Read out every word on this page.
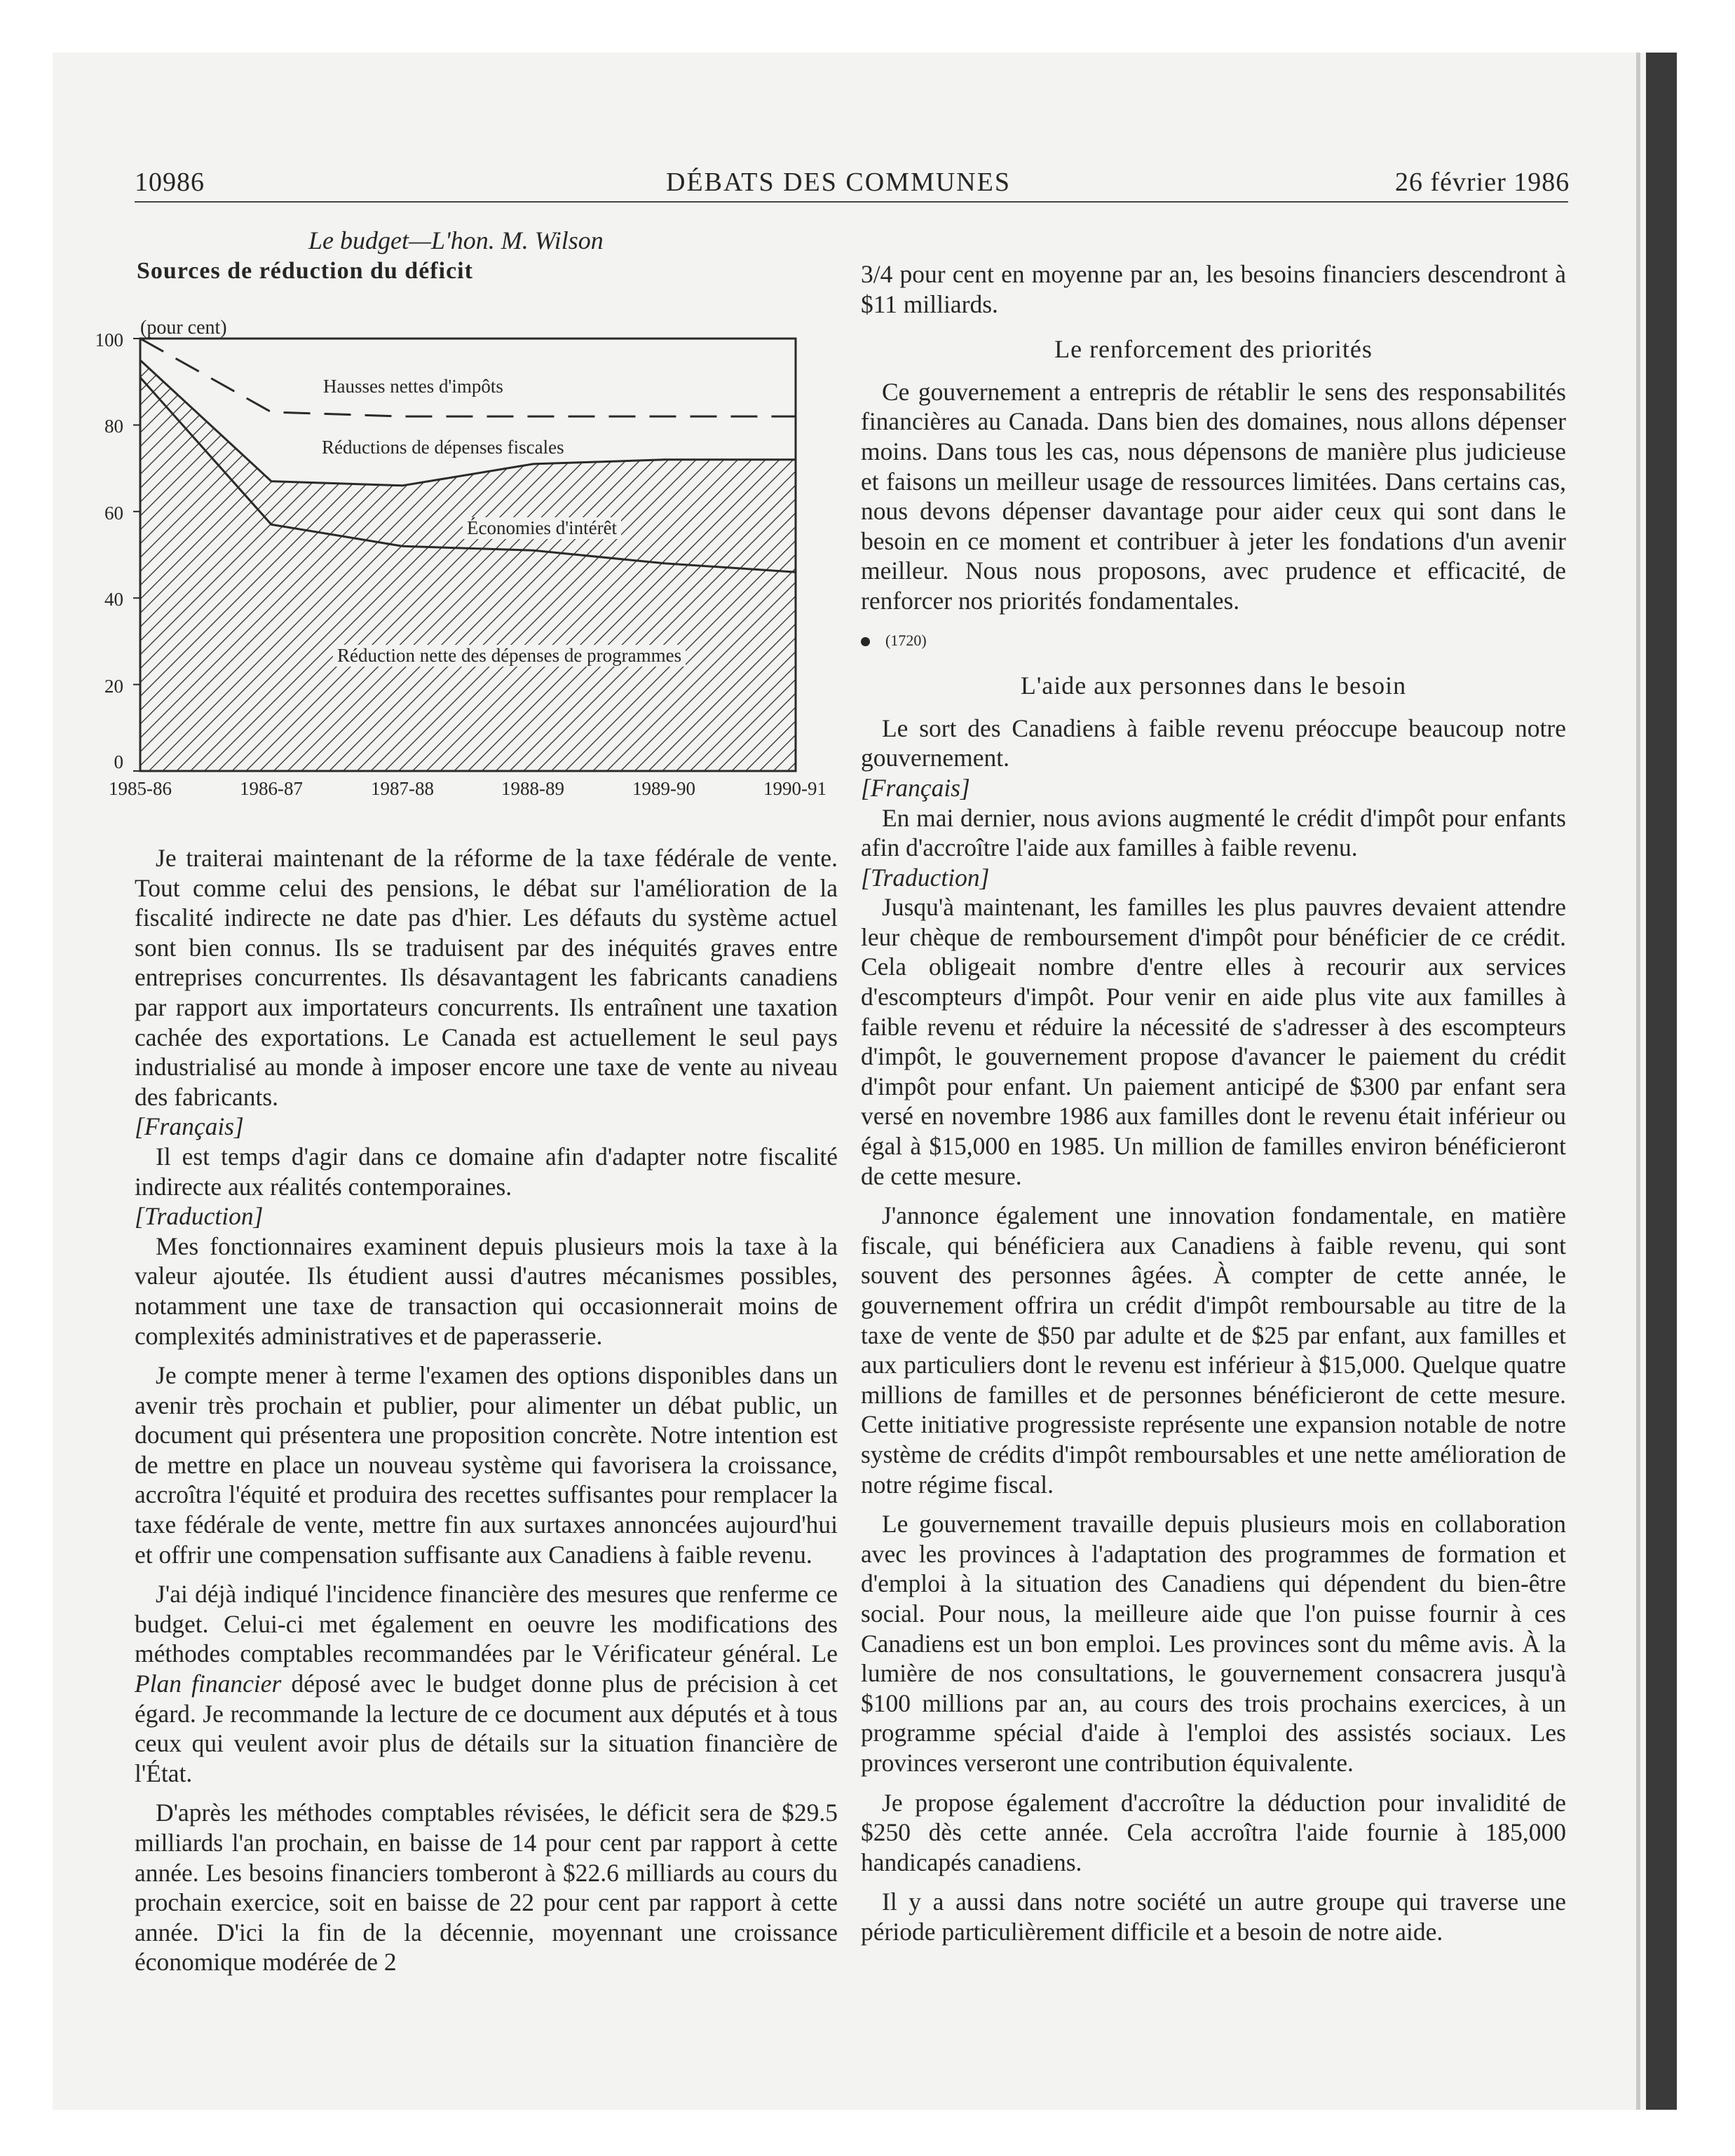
10986	DÉBATS DES COMMUNES	26 février 1986
Le budget—L'hon. M. Wilson
Sources de réduction du déficit
(pour cent)
100
80
60
40
20
0
1985-86	1986-87	1987-88	1988-89	1989-90	1990-91
Hausses nettes d'impôts
Réductions de dépenses fiscales
Économies d'intérêt
Réduction nette des dépenses de programmes

Je traiterai maintenant de la réforme de la taxe fédérale de vente. Tout comme celui des pensions, le débat sur l'amélioration de la fiscalité indirecte ne date pas d'hier. Les défauts du système actuel sont bien connus. Ils se traduisent par des inéquités graves entre entreprises concurrentes. Ils désavantagent les fabricants canadiens par rapport aux importateurs concurrents. Ils entraînent une taxation cachée des exportations. Le Canada est actuellement le seul pays industrialisé au monde à imposer encore une taxe de vente au niveau des fabricants.

[Français]

Il est temps d'agir dans ce domaine afin d'adapter notre fiscalité indirecte aux réalités contemporaines.

[Traduction]

Mes fonctionnaires examinent depuis plusieurs mois la taxe à la valeur ajoutée. Ils étudient aussi d'autres mécanismes possibles, notamment une taxe de transaction qui occasionnerait moins de complexités administratives et de paperasserie.

Je compte mener à terme l'examen des options disponibles dans un avenir très prochain et publier, pour alimenter un débat public, un document qui présentera une proposition concrète. Notre intention est de mettre en place un nouveau système qui favorisera la croissance, accroîtra l'équité et produira des recettes suffisantes pour remplacer la taxe fédérale de vente, mettre fin aux surtaxes annoncées aujourd'hui et offrir une compensation suffisante aux Canadiens à faible revenu.

J'ai déjà indiqué l'incidence financière des mesures que renferme ce budget. Celui-ci met également en oeuvre les modifications des méthodes comptables recommandées par le Vérificateur général. Le Plan financier déposé avec le budget donne plus de précision à cet égard. Je recommande la lecture de ce document aux députés et à tous ceux qui veulent avoir plus de détails sur la situation financière de l'État.

D'après les méthodes comptables révisées, le déficit sera de $29.5 milliards l'an prochain, en baisse de 14 pour cent par rapport à cette année. Les besoins financiers tomberont à $22.6 milliards au cours du prochain exercice, soit en baisse de 22 pour cent par rapport à cette année. D'ici la fin de la décennie, moyennant une croissance économique modérée de 2

3/4 pour cent en moyenne par an, les besoins financiers descendront à $11 milliards.

Le renforcement des priorités

Ce gouvernement a entrepris de rétablir le sens des responsabilités financières au Canada. Dans bien des domaines, nous allons dépenser moins. Dans tous les cas, nous dépensons de manière plus judicieuse et faisons un meilleur usage de ressources limitées. Dans certains cas, nous devons dépenser davantage pour aider ceux qui sont dans le besoin en ce moment et contribuer à jeter les fondations d'un avenir meilleur. Nous nous proposons, avec prudence et efficacité, de renforcer nos priorités fondamentales.

(1720)
L'aide aux personnes dans le besoin

Le sort des Canadiens à faible revenu préoccupe beaucoup notre gouvernement.

[Français]

En mai dernier, nous avions augmenté le crédit d'impôt pour enfants afin d'accroître l'aide aux familles à faible revenu.

[Traduction]

Jusqu'à maintenant, les familles les plus pauvres devaient attendre leur chèque de remboursement d'impôt pour bénéficier de ce crédit. Cela obligeait nombre d'entre elles à recourir aux services d'escompteurs d'impôt. Pour venir en aide plus vite aux familles à faible revenu et réduire la nécessité de s'adresser à des escompteurs d'impôt, le gouvernement propose d'avancer le paiement du crédit d'impôt pour enfant. Un paiement anticipé de $300 par enfant sera versé en novembre 1986 aux familles dont le revenu était inférieur ou égal à $15,000 en 1985. Un million de familles environ bénéficieront de cette mesure.

J'annonce également une innovation fondamentale, en matière fiscale, qui bénéficiera aux Canadiens à faible revenu, qui sont souvent des personnes âgées. À compter de cette année, le gouvernement offrira un crédit d'impôt remboursable au titre de la taxe de vente de $50 par adulte et de $25 par enfant, aux familles et aux particuliers dont le revenu est inférieur à $15,000. Quelque quatre millions de familles et de personnes bénéficieront de cette mesure. Cette initiative progressiste représente une expansion notable de notre système de crédits d'impôt remboursables et une nette amélioration de notre régime fiscal.

Le gouvernement travaille depuis plusieurs mois en collaboration avec les provinces à l'adaptation des programmes de formation et d'emploi à la situation des Canadiens qui dépendent du bien-être social. Pour nous, la meilleure aide que l'on puisse fournir à ces Canadiens est un bon emploi. Les provinces sont du même avis. À la lumière de nos consultations, le gouvernement consacrera jusqu'à $100 millions par an, au cours des trois prochains exercices, à un programme spécial d'aide à l'emploi des assistés sociaux. Les provinces verseront une contribution équivalente.

Je propose également d'accroître la déduction pour invalidité de $250 dès cette année. Cela accroîtra l'aide fournie à 185,000 handicapés canadiens.

Il y a aussi dans notre société un autre groupe qui traverse une période particulièrement difficile et a besoin de notre aide.
